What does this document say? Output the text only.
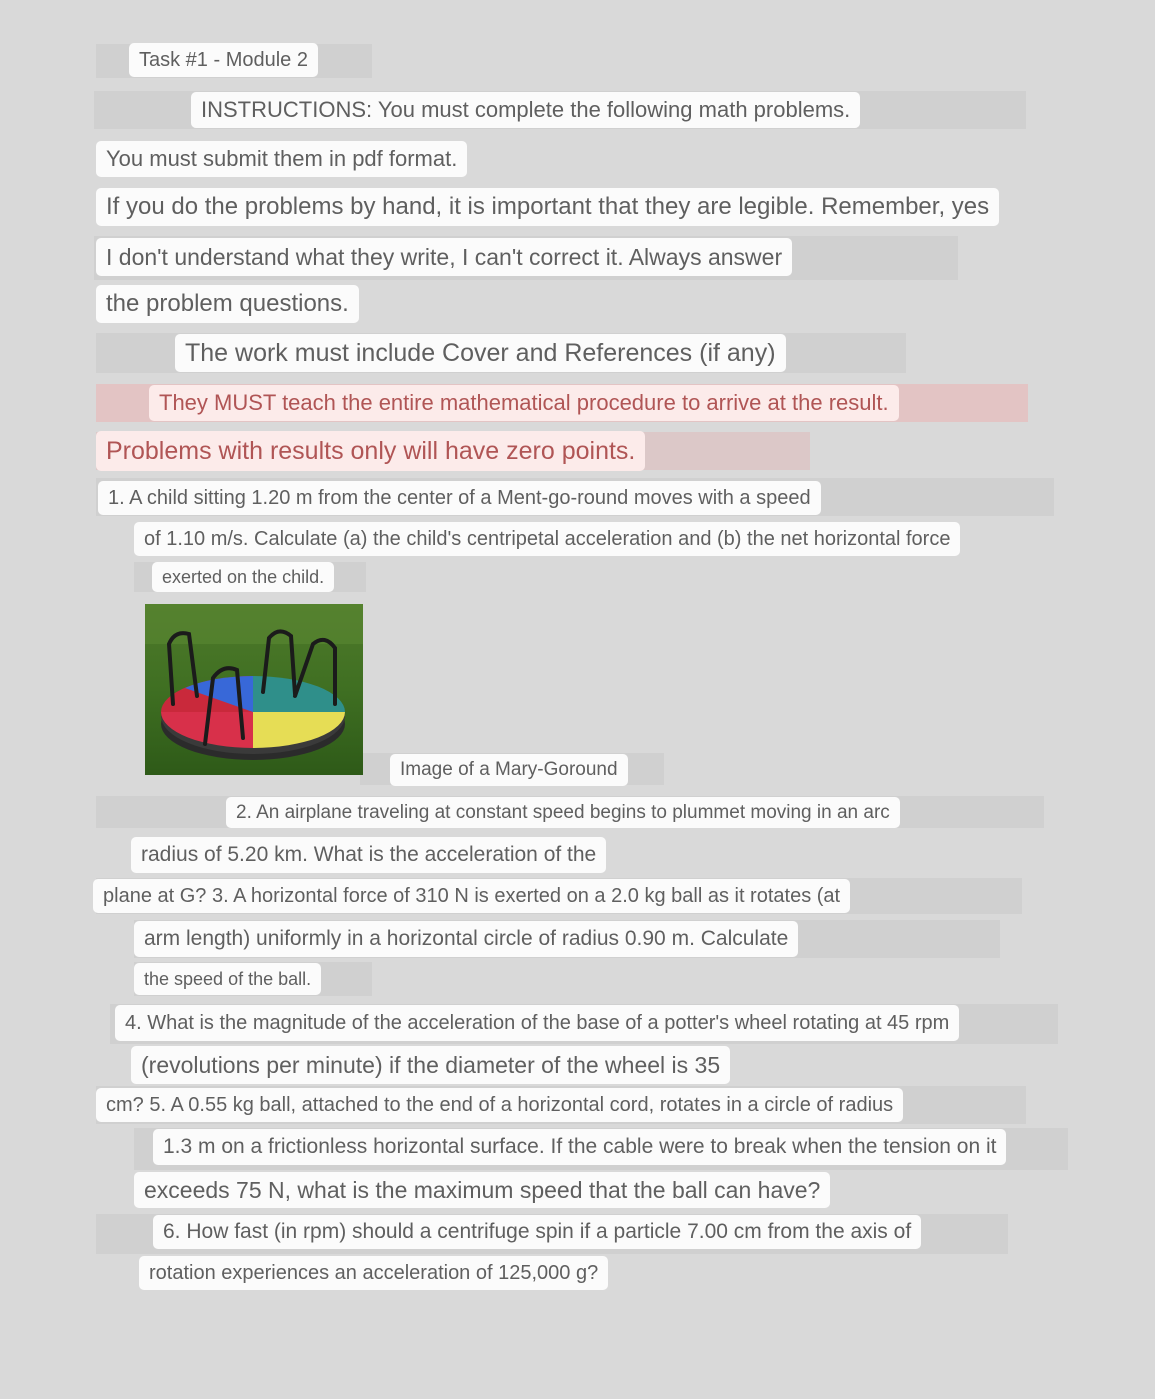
Task #1 - Module 2
INSTRUCTIONS: You must complete the following math problems.
You must submit them in pdf format.
If you do the problems by hand, it is important that they are legible. Remember, yes
I don't understand what they write, I can't correct it. Always answer
the problem questions.
The work must include Cover and References (if any)
They MUST teach the entire mathematical procedure to arrive at the result.
Problems with results only will have zero points.
1. A child sitting 1.20 m from the center of a Ment-go-round moves with a speed
of 1.10 m/s. Calculate (a) the child's centripetal acceleration and (b) the net horizontal force
exerted on the child.
Image of a Mary-Goround
2. An airplane traveling at constant speed begins to plummet moving in an arc
radius of 5.20 km. What is the acceleration of the
plane at G? 3. A horizontal force of 310 N is exerted on a 2.0 kg ball as it rotates (at
arm length) uniformly in a horizontal circle of radius 0.90 m. Calculate
the speed of the ball.
4. What is the magnitude of the acceleration of the base of a potter's wheel rotating at 45 rpm
(revolutions per minute) if the diameter of the wheel is 35
cm? 5. A 0.55 kg ball, attached to the end of a horizontal cord, rotates in a circle of radius
1.3 m on a frictionless horizontal surface. If the cable were to break when the tension on it
exceeds 75 N, what is the maximum speed that the ball can have?
6. How fast (in rpm) should a centrifuge spin if a particle 7.00 cm from the axis of
rotation experiences an acceleration of 125,000 g?
